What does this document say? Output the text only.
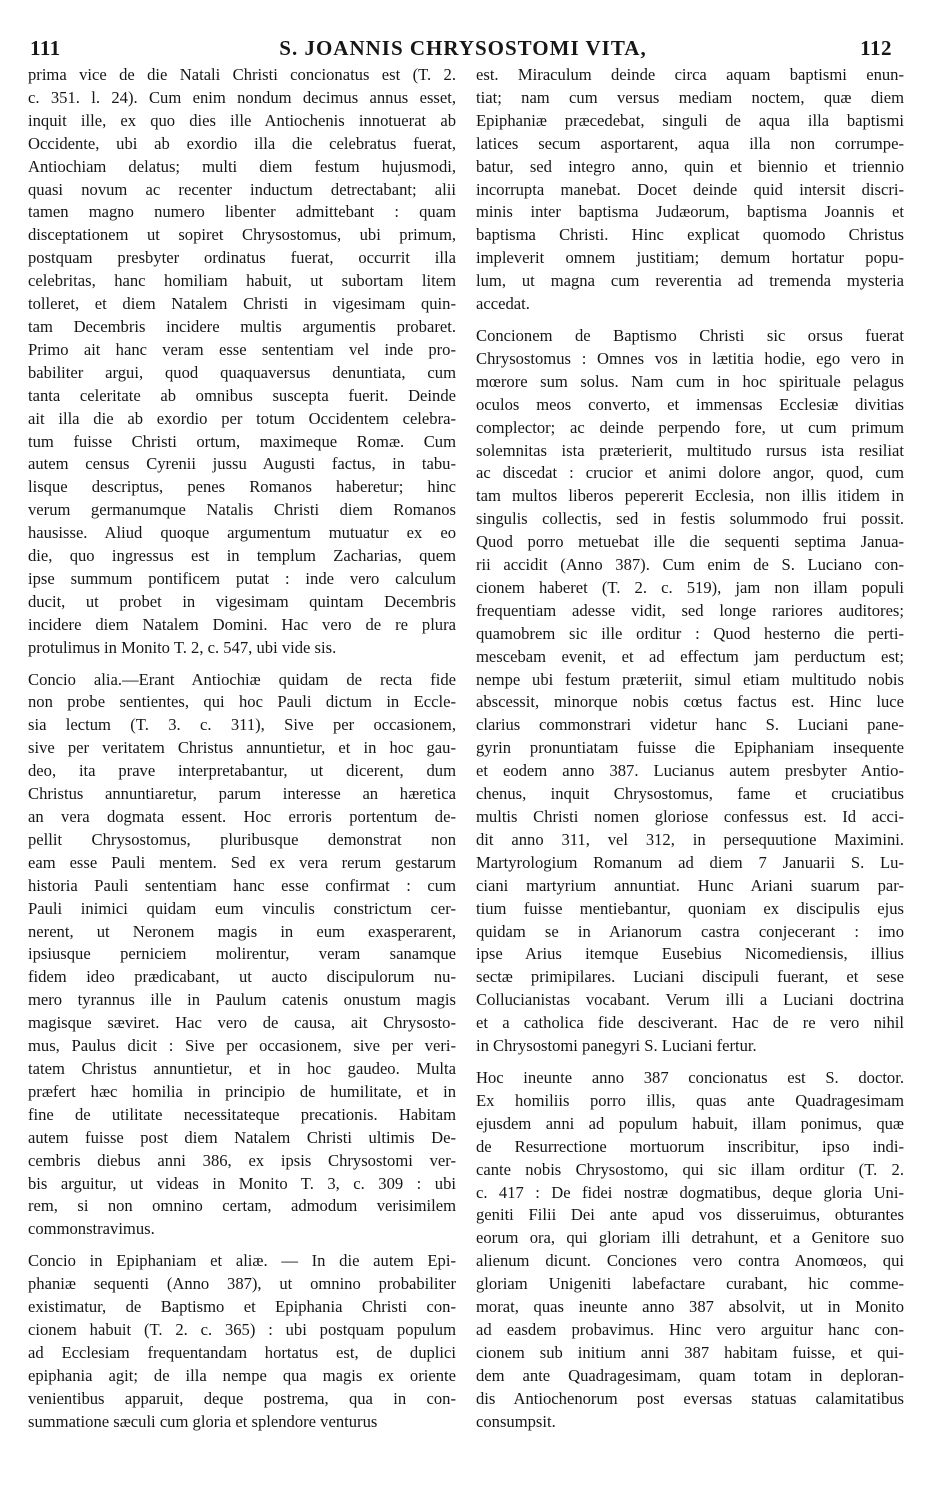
111	S. JOANNIS CHRYSOSTOMI VITA,	112
prima vice de die Natali Christi concionatus est (T. 2.
c. 351. l. 24). Cum enim nondum decimus annus esset,
inquit ille, ex quo dies ille Antiochenis innotuerat ab
Occidente, ubi ab exordio illa die celebratus fuerat,
Antiochiam delatus; multi diem festum hujusmodi,
quasi novum ac recenter inductum detrectabant; alii
tamen magno numero libenter admittebant : quam
disceptationem ut sopiret Chrysostomus, ubi primum,
postquam presbyter ordinatus fuerat, occurrit illa
celebritas, hanc homiliam habuit, ut subortam litem
tolleret, et diem Natalem Christi in vigesimam quin-
tam Decembris incidere multis argumentis probaret.
Primo ait hanc veram esse sententiam vel inde pro-
babiliter argui, quod quaquaversus denuntiata, cum
tanta celeritate ab omnibus suscepta fuerit. Deinde
ait illa die ab exordio per totum Occidentem celebra-
tum fuisse Christi ortum, maximeque Romæ. Cum
autem census Cyrenii jussu Augusti factus, in tabu-
lisque descriptus, penes Romanos haberetur; hinc
verum germanumque Natalis Christi diem Romanos
hausisse. Aliud quoque argumentum mutuatur ex eo
die, quo ingressus est in templum Zacharias, quem
ipse summum pontificem putat : inde vero calculum
ducit, ut probet in vigesimam quintam Decembris
incidere diem Natalem Domini. Hac vero de re plura
protulimus in Monito T. 2, c. 547, ubi vide sis.
Concio alia.—Erant Antiochiæ quidam de recta fide
non probe sentientes, qui hoc Pauli dictum in Eccle-
sia lectum (T. 3. c. 311), Sive per occasionem,
sive per veritatem Christus annuntietur, et in hoc gau-
deo, ita prave interpretabantur, ut dicerent, dum
Christus annuntiaretur, parum interesse an hæretica
an vera dogmata essent. Hoc erroris portentum de-
pellit Chrysostomus, pluribusque demonstrat non
eam esse Pauli mentem. Sed ex vera rerum gestarum
historia Pauli sententiam hanc esse confirmat : cum
Pauli inimici quidam eum vinculis constrictum cer-
nerent, ut Neronem magis in eum exasperarent,
ipsiusque perniciem molirentur, veram sanamque
fidem ideo prædicabant, ut aucto discipulorum nu-
mero tyrannus ille in Paulum catenis onustum magis
magisque sæviret. Hac vero de causa, ait Chrysosto-
mus, Paulus dicit : Sive per occasionem, sive per veri-
tatem Christus annuntietur, et in hoc gaudeo. Multa
præfert hæc homilia in principio de humilitate, et in
fine de utilitate necessitateque precationis. Habitam
autem fuisse post diem Natalem Christi ultimis De-
cembris diebus anni 386, ex ipsis Chrysostomi ver-
bis arguitur, ut videas in Monito T. 3, c. 309 : ubi
rem, si non omnino certam, admodum verisimilem
commonstravimus.
Concio in Epiphaniam et aliæ. — In die autem Epi-
phaniæ sequenti (Anno 387), ut omnino probabiliter
existimatur, de Baptismo et Epiphania Christi con-
cionem habuit (T. 2. c. 365) : ubi postquam populum
ad Ecclesiam frequentandam hortatus est, de duplici
epiphania agit; de illa nempe qua magis ex oriente
venientibus apparuit, deque postrema, qua in con-
summatione sæculi cum gloria et splendore venturus
est. Miraculum deinde circa aquam baptismi enun-
tiat; nam cum versus mediam noctem, quæ diem
Epiphaniæ præcedebat, singuli de aqua illa baptismi
latices secum asportarent, aqua illa non corrumpe-
batur, sed integro anno, quin et biennio et triennio
incorrupta manebat. Docet deinde quid intersit discri-
minis inter baptisma Judæorum, baptisma Joannis et
baptisma Christi. Hinc explicat quomodo Christus
impleverit omnem justitiam; demum hortatur popu-
lum, ut magna cum reverentia ad tremenda mysteria
accedat.
Concionem de Baptismo Christi sic orsus fuerat
Chrysostomus : Omnes vos in lætitia hodie, ego vero in
mœrore sum solus. Nam cum in hoc spirituale pelagus
oculos meos converto, et immensas Ecclesiæ divitias
complector; ac deinde perpendo fore, ut cum primum
solemnitas ista præterierit, multitudo rursus ista resiliat
ac discedat : crucior et animi dolore angor, quod, cum
tam multos liberos pepererit Ecclesia, non illis itidem in
singulis collectis, sed in festis solummodo frui possit.
Quod porro metuebat ille die sequenti septima Janua-
rii accidit (Anno 387). Cum enim de S. Luciano con-
cionem haberet (T. 2. c. 519), jam non illam populi
frequentiam adesse vidit, sed longe rariores auditores;
quamobrem sic ille orditur : Quod hesterno die perti-
mescebam evenit, et ad effectum jam perductum est;
nempe ubi festum præteriit, simul etiam multitudo nobis
abscessit, minorque nobis cœtus factus est. Hinc luce
clarius commonstrari videtur hanc S. Luciani pane-
gyrin pronuntiatam fuisse die Epiphaniam insequente
et eodem anno 387. Lucianus autem presbyter Antio-
chenus, inquit Chrysostomus, fame et cruciatibus
multis Christi nomen gloriose confessus est. Id acci-
dit anno 311, vel 312, in persequutione Maximini.
Martyrologium Romanum ad diem 7 Januarii S. Lu-
ciani martyrium annuntiat. Hunc Ariani suarum par-
tium fuisse mentiebantur, quoniam ex discipulis ejus
quidam se in Arianorum castra conjecerant : imo
ipse Arius itemque Eusebius Nicomediensis, illius
sectæ primipilares. Luciani discipuli fuerant, et sese
Collucianistas vocabant. Verum illi a Luciani doctrina
et a catholica fide desciverant. Hac de re vero nihil
in Chrysostomi panegyri S. Luciani fertur.
Hoc ineunte anno 387 concionatus est S. doctor.
Ex homiliis porro illis, quas ante Quadragesimam
ejusdem anni ad populum habuit, illam ponimus, quæ
de Resurrectione mortuorum inscribitur, ipso indi-
cante nobis Chrysostomo, qui sic illam orditur (T. 2.
c. 417 : De fidei nostræ dogmatibus, deque gloria Uni-
geniti Filii Dei ante apud vos disseruimus, obturantes
eorum ora, qui gloriam illi detrahunt, et a Genitore suo
alienum dicunt. Conciones vero contra Anomœos, qui
gloriam Unigeniti labefactare curabant, hic comme-
morat, quas ineunte anno 387 absolvit, ut in Monito
ad easdem probavimus. Hinc vero arguitur hanc con-
cionem sub initium anni 387 habitam fuisse, et qui-
dem ante Quadragesimam, quam totam in deploran-
dis Antiochenorum post eversas statuas calamitatibus
consumpsit.
